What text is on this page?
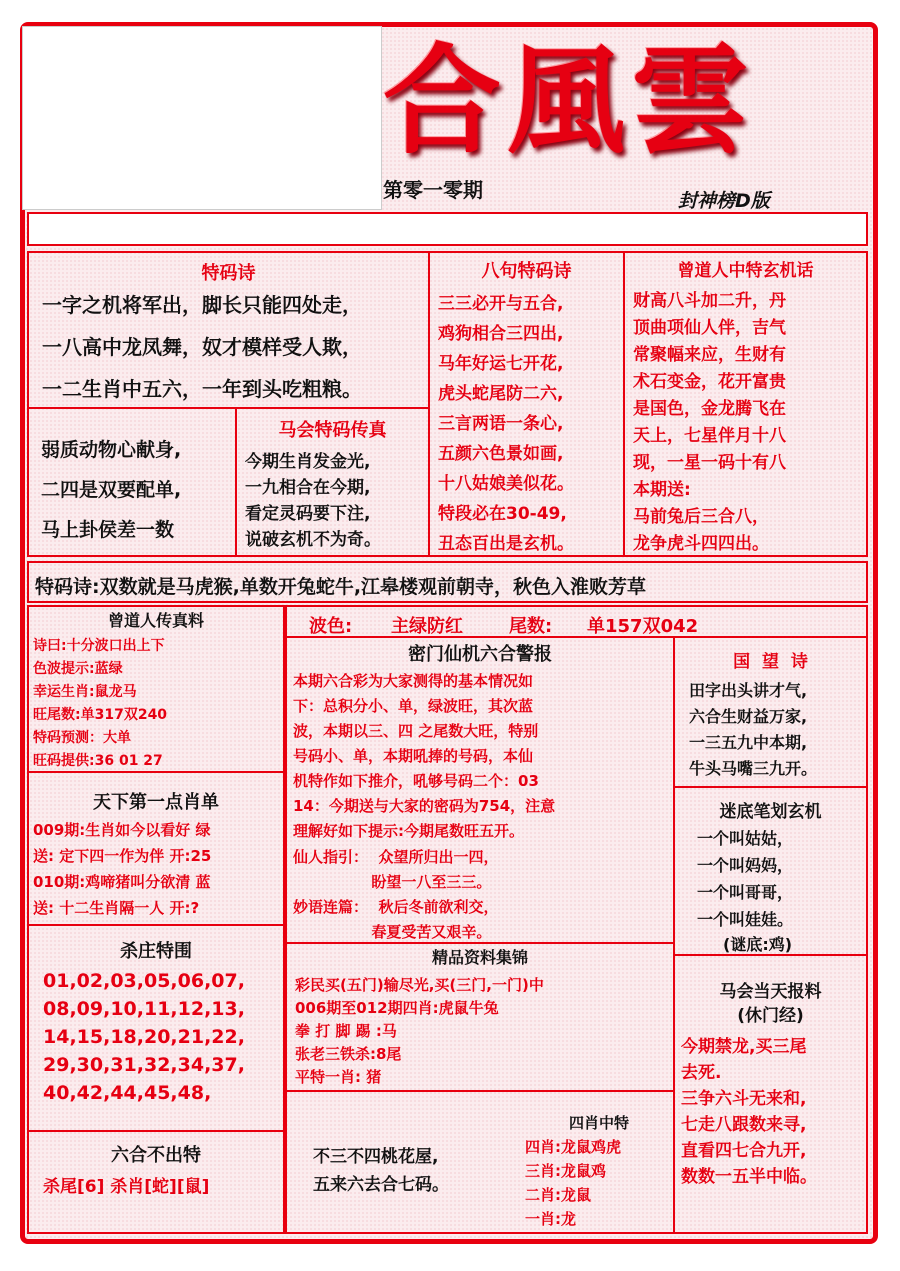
合風雲
第零一零期	封神榜D版
特码诗
一字之机将军出，脚长只能四处走，
一八高中龙凤舞，奴才模样受人欺，
一二生肖中五六，一年到头吃粗粮。
弱质动物心献身,
二四是双要配单,
马上卦侯差一数
马会特码传真
今期生肖发金光,
一九相合在今期,
看定灵码要下注,
说破玄机不为奇。
八句特码诗
三三必开与五合,
鸡狗相合三四出,
马年好运七开花,
虎头蛇尾防二六,
三言两语一条心,
五颜六色景如画,
十八姑娘美似花。
特段必在30-49,
丑态百出是玄机。
曾道人中特玄机话
财高八斗加二升，丹
顶曲项仙人伴，吉气
常聚幅来应，生财有
术石变金，花开富贵
是国色，金龙腾飞在
天上，七星伴月十八
现，一星一码十有八
本期送:
马前兔后三合八，
龙争虎斗四四出。
特码诗:双数就是马虎猴,单数开兔蛇牛,江皋楼观前朝寺，秋色入淮败芳草
曾道人传真料
诗曰:十分波口出上下
色波提示:蓝绿
幸运生肖:鼠龙马
旺尾数:单317双240
特码预测：大单
旺码提供:36 01 27
波色: 主绿防红	尾数: 单157双042
密门仙机六合警报
本期六合彩为大家测得的基本情况如
下：总积分小、单，绿波旺，其次蓝
波，本期以三、四 之尾数大旺，特别
号码小、单，本期吼捧的号码，本仙
机特作如下推介，吼够号码二个：03
14：今期送与大家的密码为754，注意
理解好如下提示:今期尾数旺五开。
仙人指引：  众望所归出一四，
盼望一八至三三。
妙语连篇：  秋后冬前欲利交，
春夏受苦又艰辛。
国  望  诗
田字出头讲才气,
六合生财益万家,
一三五九中本期,
牛头马嘴三九开。
天下第一点肖单
009期:生肖如今以看好 绿
送: 定下四一作为伴 开:25
010期:鸡啼猪叫分欲清 蓝
送: 十二生肖隔一人 开:?
迷底笔划玄机
一个叫姑姑，
一个叫妈妈，
一个叫哥哥，
一个叫娃娃。
(谜底:鸡)
杀庄特围
01,02,03,05,06,07,
08,09,10,11,12,13,
14,15,18,20,21,22,
29,30,31,32,34,37,
40,42,44,45,48,
精品资料集锦
彩民买(五门)输尽光,买(三门,一门)中
006期至012期四肖:虎鼠牛兔
拳 打 脚 踢 :马
张老三铁杀:8尾
平特一肖: 猪
马会当天报料
(休门经)
今期禁龙,买三尾
去死.
三争六斗无来和,
七走八跟数来寻,
直看四七合九开,
数数一五半中临。
六合不出特
杀尾[6] 杀肖[蛇][鼠]
不三不四桃花屋,
五来六去合七码。
四肖中特
四肖:龙鼠鸡虎
三肖:龙鼠鸡
二肖:龙鼠
一肖:龙
